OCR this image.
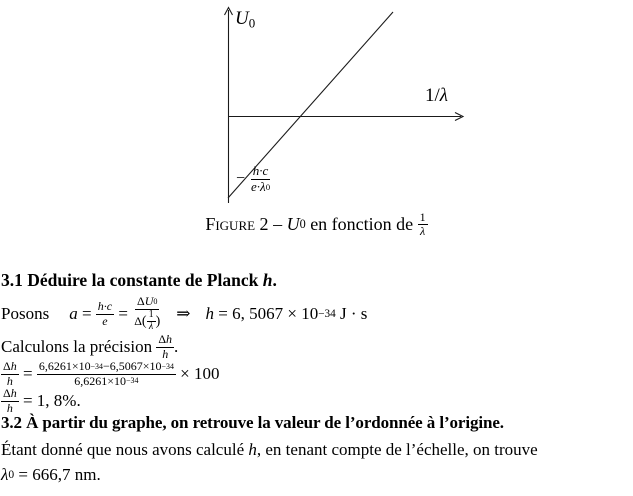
$U_0$
1/λ
− $\frac{h\cdot c}{e\cdot\lambda 0}$
Figure 2 – U 0 en fonction de $\frac{1}{\lambda}$
3.1 Déduire la constante de Planck h .
Posons $a = \frac{h\cdot c}{e} = \frac{\text{Δ U 0}}{\Delta ( \frac{1}{\lambda} )}$ ⇒ h = 6, 5067 × 10 −34 J · s
Calculons la précision $\frac{\text{Δ h}}{h}$ .
$\frac{\text{Δ h}}{h} = \frac{6,6261\times 10 -34 - 6,5067\times 10 -34}{6,6261\times 10 -34} \times 100$
$\frac{\text{Δ h}}{h} = 1$, 8%.
3.2 À partir du graphe, on retrouve la valeur de l’ordonnée à l’origine.
Étant donné que nous avons calculé h , en tenant compte de l’échelle, on trouve
λ 0 = 666,7 nm.
